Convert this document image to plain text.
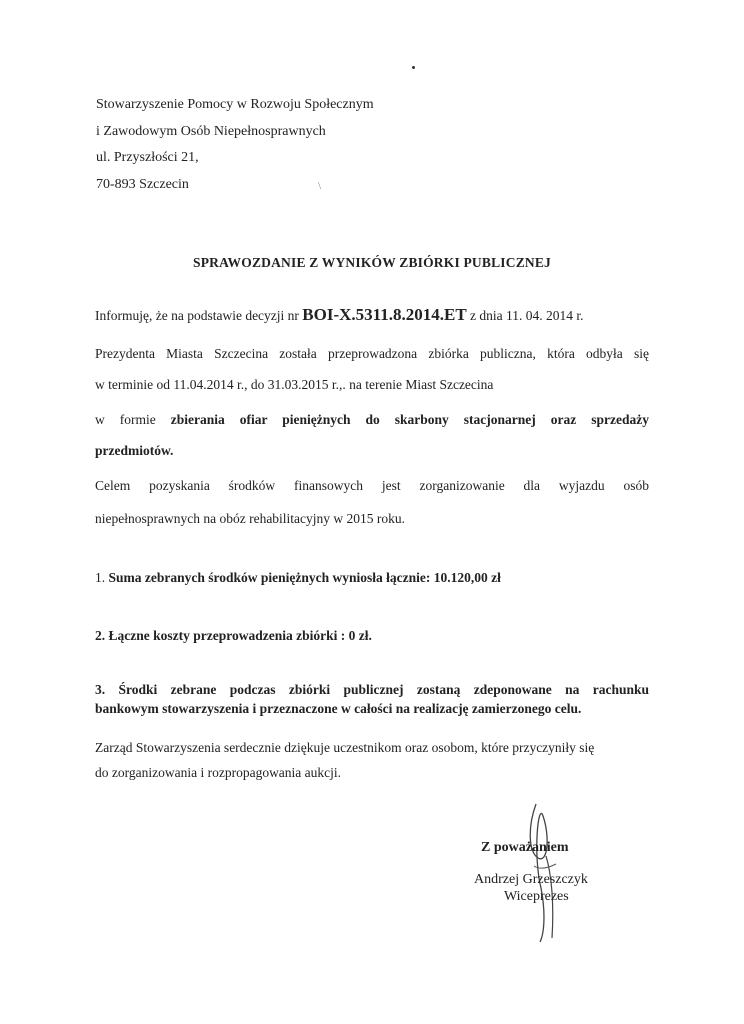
\
Stowarzyszenie Pomocy w Rozwoju Społecznym
i Zawodowym Osób Niepełnosprawnych
ul. Przyszłości 21,
70-893 Szczecin
SPRAWOZDANIE Z WYNIKÓW ZBIÓRKI PUBLICZNEJ
Informuję, że na podstawie decyzji nr BOI-X.5311.8.2014.ET z dnia 11. 04. 2014 r.
Prezydenta Miasta Szczecina została przeprowadzona zbiórka publiczna, która odbyła się
w terminie od 11.04.2014 r., do 31.03.2015 r.,. na terenie Miast Szczecina
w formie zbierania ofiar pieniężnych do skarbony stacjonarnej oraz sprzedaży
przedmiotów.
Celem pozyskania środków finansowych jest zorganizowanie dla wyjazdu osób
niepełnosprawnych na obóz rehabilitacyjny w 2015 roku.
1. Suma zebranych środków pieniężnych wyniosła łącznie: 10.120,00 zł
2. Łączne koszty przeprowadzenia zbiórki : 0 zł.
3. Środki zebrane podczas zbiórki publicznej zostaną zdeponowane na rachunku
bankowym stowarzyszenia i przeznaczone w całości na realizację zamierzonego celu.
Zarząd Stowarzyszenia serdecznie dziękuje uczestnikom oraz osobom, które przyczyniły się
do zorganizowania i rozpropagowania aukcji.
Z poważaniem
Andrzej Grzeszczyk
Wiceprezes
